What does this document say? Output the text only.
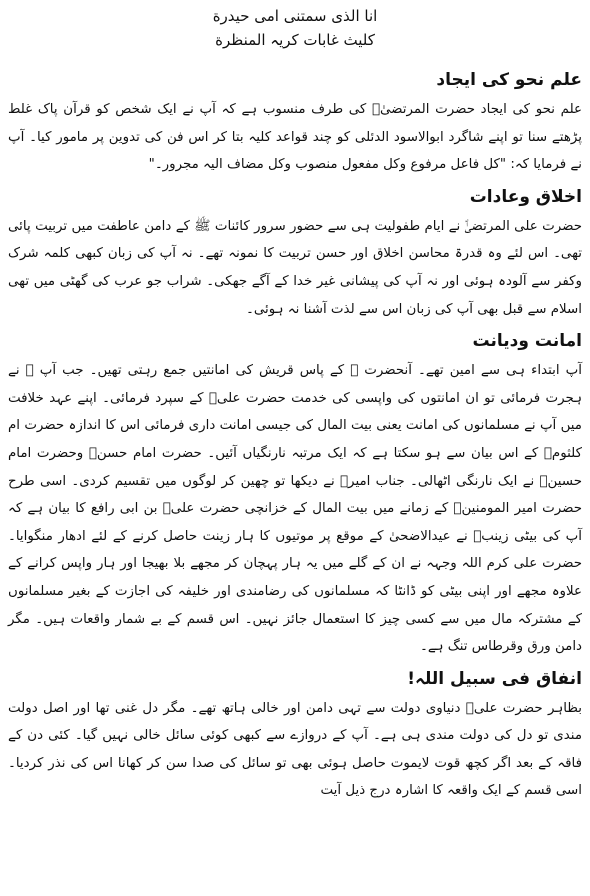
انا الذی سمتنی امی حیدرة
کلیث غابات کریہ المنظرة
علم نحو کی ایجاد

علم نحو کی ایجاد حضرت المرتضیٰؑ کی طرف منسوب ہے کہ آپ نے ایک شخص کو قرآن پاک غلط پڑھتے سنا تو اپنے شاگرد ابوالاسود الدئلی کو چند قواعد کلیہ بتا کر اس فن کی تدوین پر مامور کیا۔ آپ نے فرمایا کہ: "کل فاعل مرفوع وکل مفعول منصوب وکل مضاف الیہ مجرور۔"

اخلاق وعادات

حضرت علی المرتضیٰؑ نے ایام طفولیت ہی سے حضور سرور کائنات ﷺ کے دامن عاطفت میں تربیت پائی تھی۔ اس لئے وہ قدرۃ محاسن اخلاق اور حسن تربیت کا نمونہ تھے۔ نہ آپ کی زبان کبھی کلمہ شرک وکفر سے آلودہ ہوئی اور نہ آپ کی پیشانی غیر خدا کے آگے جھکی۔ شراب جو عرب کی گھٹی میں تھی اسلام سے قبل بھی آپ کی زبان اس سے لذت آشنا نہ ہوئی۔

امانت ودیانت

آپ ابتداء ہی سے امین تھے۔ آنحضرت ﷺ کے پاس قریش کی امانتیں جمع رہتی تھیں۔ جب آپ ﷺ نے ہجرت فرمائی تو ان امانتوں کی واپسی کی خدمت حضرت علیؑ کے سپرد فرمائی۔ اپنے عہد خلافت میں آپ نے مسلمانوں کی امانت یعنی بیت المال کی جیسی امانت داری فرمائی اس کا اندازہ حضرت ام کلثومؓ کے اس بیان سے ہو سکتا ہے کہ ایک مرتبہ نارنگیاں آئیں۔ حضرت امام حسنؑ وحضرت امام حسینؑ نے ایک نارنگی اٹھالی۔ جناب امیرؑ نے دیکھا تو چھین کر لوگوں میں تقسیم کردی۔ اسی طرح حضرت امیر المومنینؑ کے زمانے میں بیت المال کے خزانچی حضرت علیؓ بن ابی رافع کا بیان ہے کہ آپ کی بیٹی زینبؑ نے عیدالاضحیٰ کے موقع پر موتیوں کا ہار زینت حاصل کرنے کے لئے ادھار منگوایا۔ حضرت علی کرم اللہ وجہہ نے ان کے گلے میں یہ ہار پہچان کر مجھے بلا بھیجا اور ہار واپس کرانے کے علاوہ مجھے اور اپنی بیٹی کو ڈانٹا کہ مسلمانوں کی رضامندی اور خلیفہ کی اجازت کے بغیر مسلمانوں کے مشترکہ مال میں سے کسی چیز کا استعمال جائز نہیں۔ اس قسم کے بے شمار واقعات ہیں۔ مگر دامن ورق وقرطاس تنگ ہے۔

انفاق فی سبیل اللہ!

بظاہر حضرت علیؑ دنیاوی دولت سے تہی دامن اور خالی ہاتھ تھے۔ مگر دل غنی تھا اور اصل دولت مندی تو دل کی دولت مندی ہی ہے۔ آپ کے دروازے سے کبھی کوئی سائل خالی نہیں گیا۔ کئی دن کے فاقہ کے بعد اگر کچھ قوت لایموت حاصل ہوئی بھی تو سائل کی صدا سن کر کھانا اس کی نذر کردیا۔ اسی قسم کے ایک واقعہ کا اشارہ درج ذیل آیت
